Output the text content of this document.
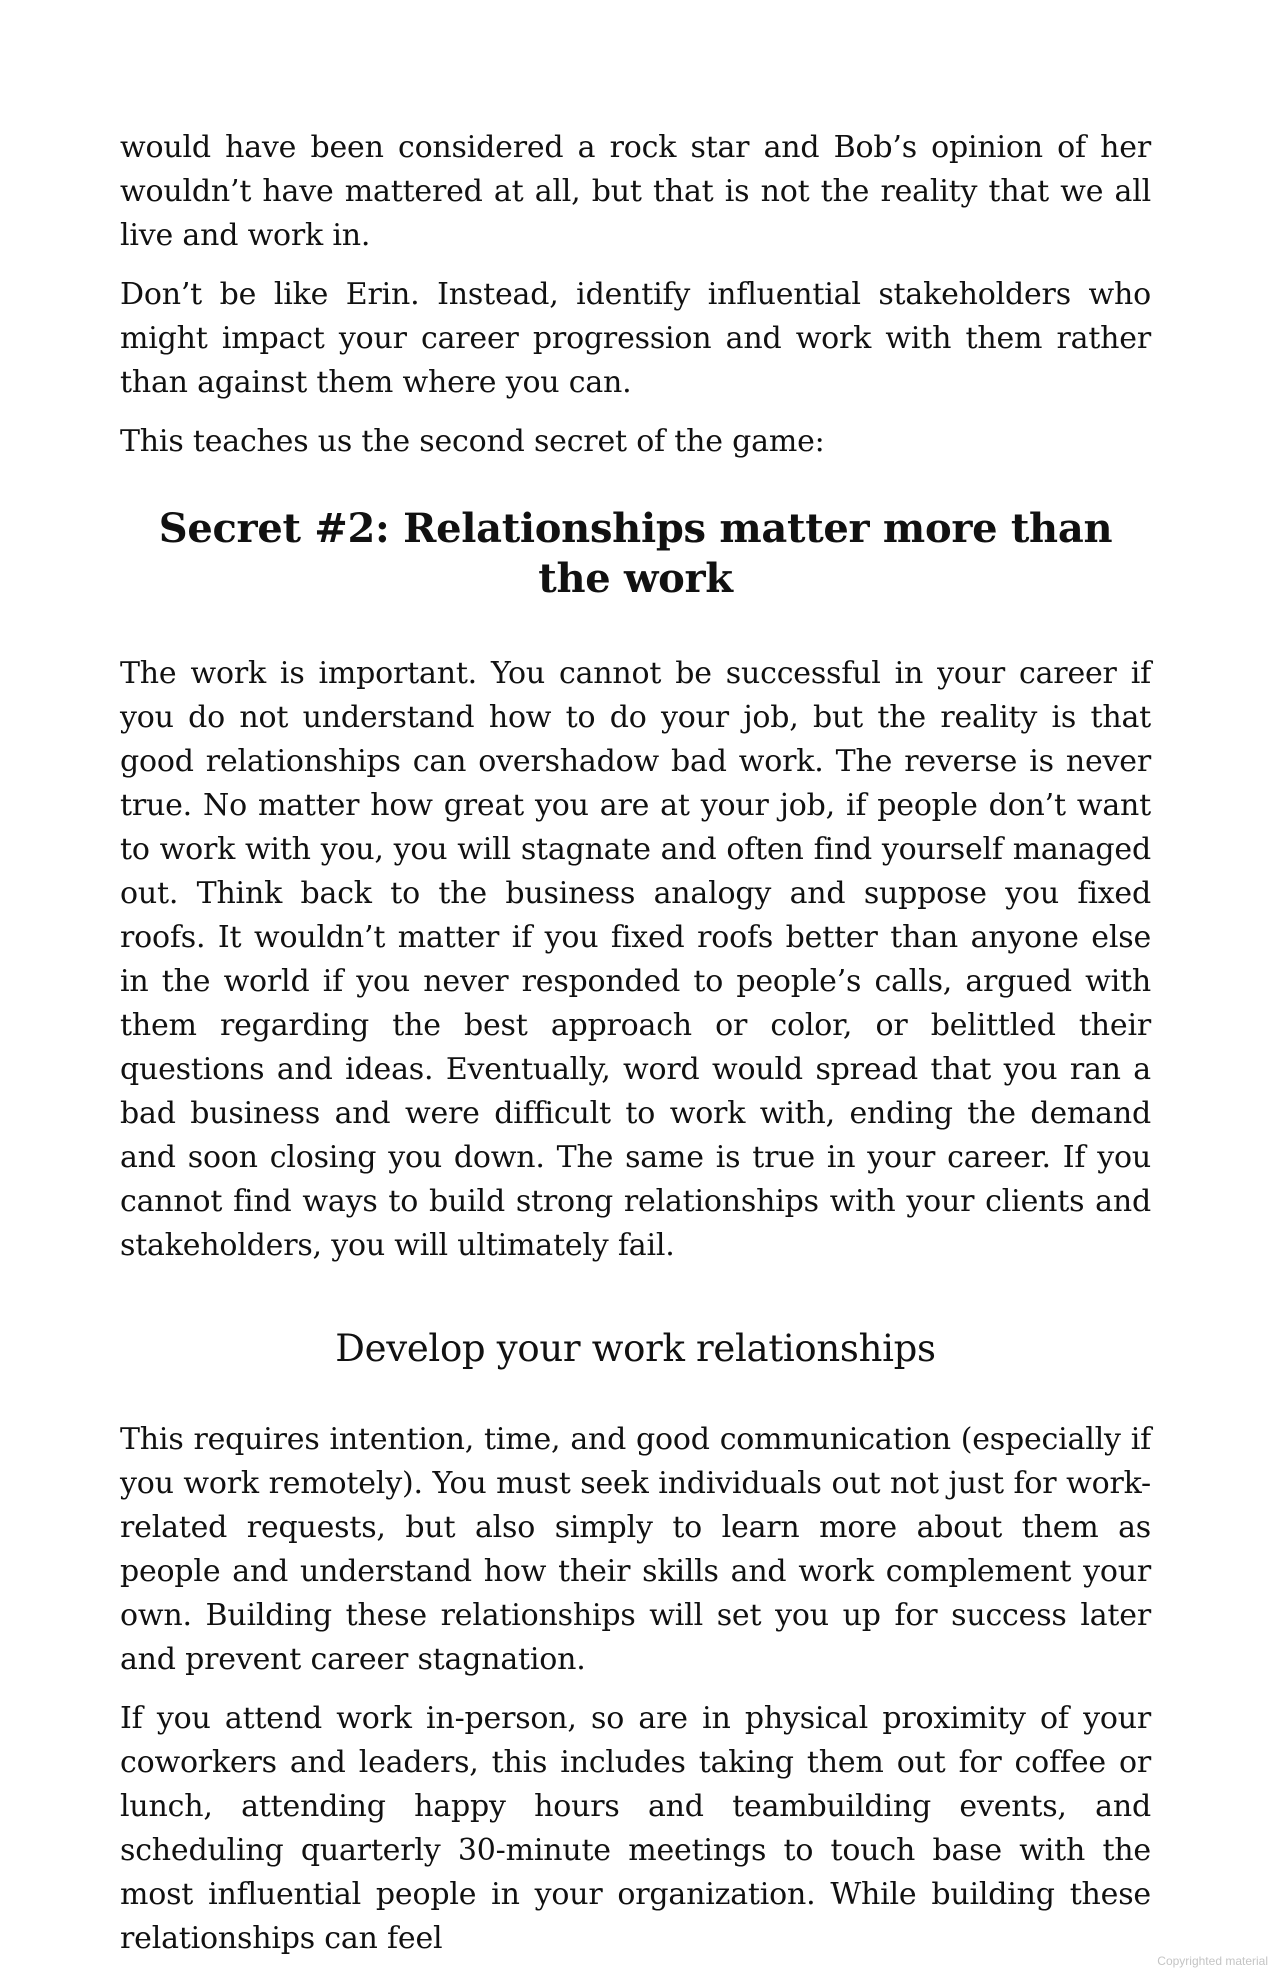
would have been considered a rock star and Bob’s opinion of her wouldn’t have mattered at all, but that is not the reality that we all live and work in.

Don’t be like Erin. Instead, identify influential stakeholders who might impact your career progression and work with them rather than against them where you can.

This teaches us the second secret of the game:

Secret #2: Relationships matter more than the work

The work is important. You cannot be successful in your career if you do not understand how to do your job, but the reality is that good relationships can overshadow bad work. The reverse is never true. No matter how great you are at your job, if people don’t want to work with you, you will stagnate and often find yourself managed out. Think back to the business analogy and suppose you fixed roofs. It wouldn’t matter if you fixed roofs better than anyone else in the world if you never responded to people’s calls, argued with them regarding the best approach or color, or belittled their questions and ideas. Eventually, word would spread that you ran a bad business and were difficult to work with, ending the demand and soon closing you down. The same is true in your career. If you cannot find ways to build strong relationships with your clients and stakeholders, you will ultimately fail.

Develop your work relationships

This requires intention, time, and good communication (especially if you work remotely). You must seek individuals out not just for work-related requests, but also simply to learn more about them as people and understand how their skills and work complement your own. Building these relationships will set you up for success later and prevent career stagnation.

If you attend work in-person, so are in physical proximity of your coworkers and leaders, this includes taking them out for coffee or lunch, attending happy hours and teambuilding events, and scheduling quarterly 30-minute meetings to touch base with the most influential people in your organization. While building these relationships can feel

Copyrighted material
